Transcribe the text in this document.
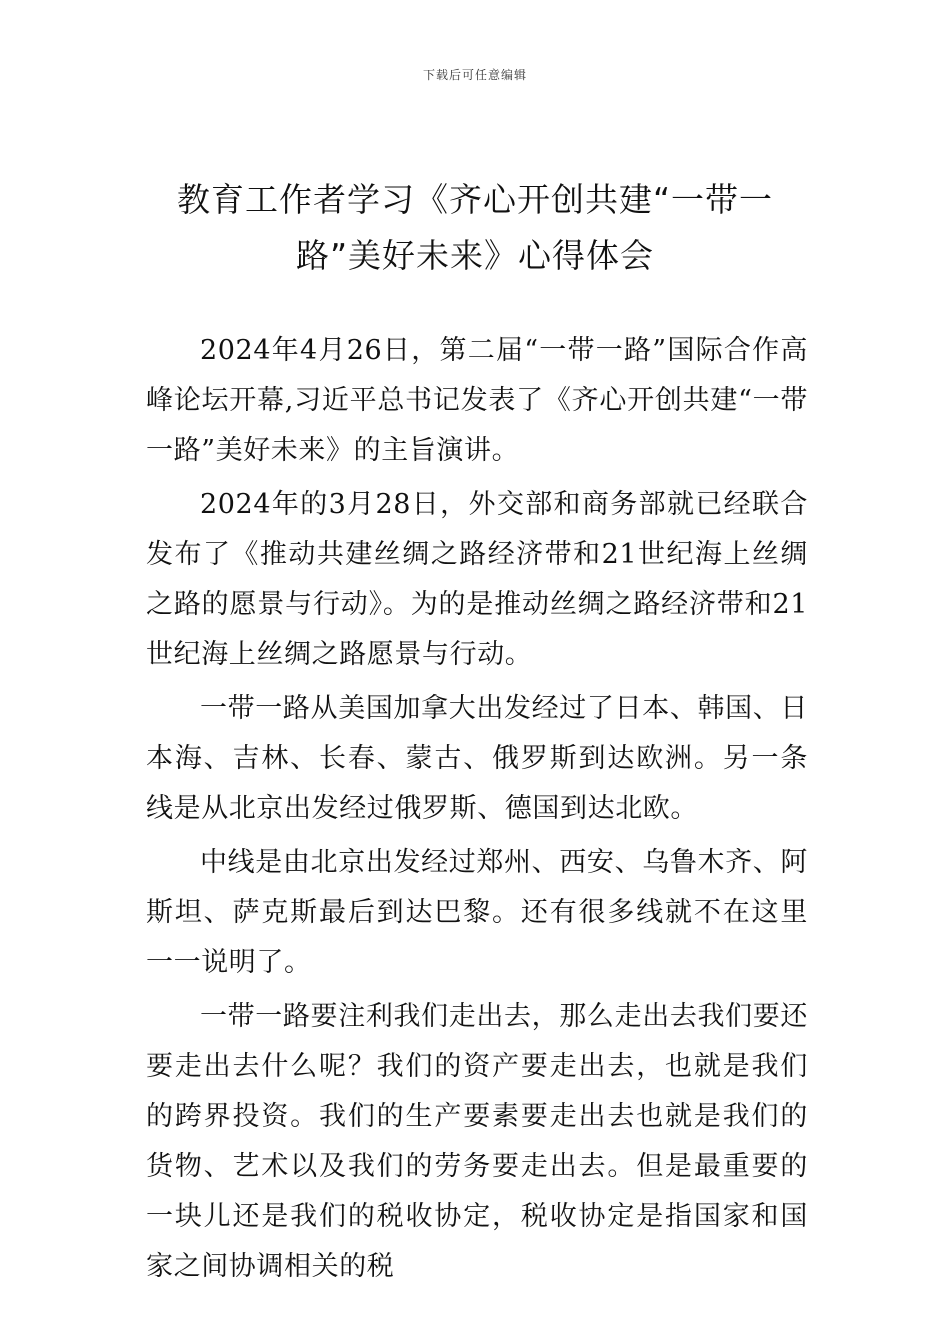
下载后可任意编辑
教育工作者学习《齐心开创共建“一带一
路”美好未来》心得体会

2024年4月26日，第二届“一带一路”国际合作高峰论坛开幕,习近平总书记发表了《齐心开创共建“一带一路”美好未来》的主旨演讲。

2024年的3月28日，外交部和商务部就已经联合发布了《推动共建丝绸之路经济带和21世纪海上丝绸之路的愿景与行动》。为的是推动丝绸之路经济带和21世纪海上丝绸之路愿景与行动。

一带一路从美国加拿大出发经过了日本、韩国、日本海、吉林、长春、蒙古、俄罗斯到达欧洲。另一条线是从北京出发经过俄罗斯、德国到达北欧。

中线是由北京出发经过郑州、西安、乌鲁木齐、阿斯坦、萨克斯最后到达巴黎。还有很多线就不在这里一一说明了。

一带一路要注利我们走出去，那么走出去我们要还要走出去什么呢？我们的资产要走出去，也就是我们的跨界投资。我们的生产要素要走出去也就是我们的货物、艺术以及我们的劳务要走出去。但是最重要的一块儿还是我们的税收协定，税收协定是指国家和国家之间协调相关的税
